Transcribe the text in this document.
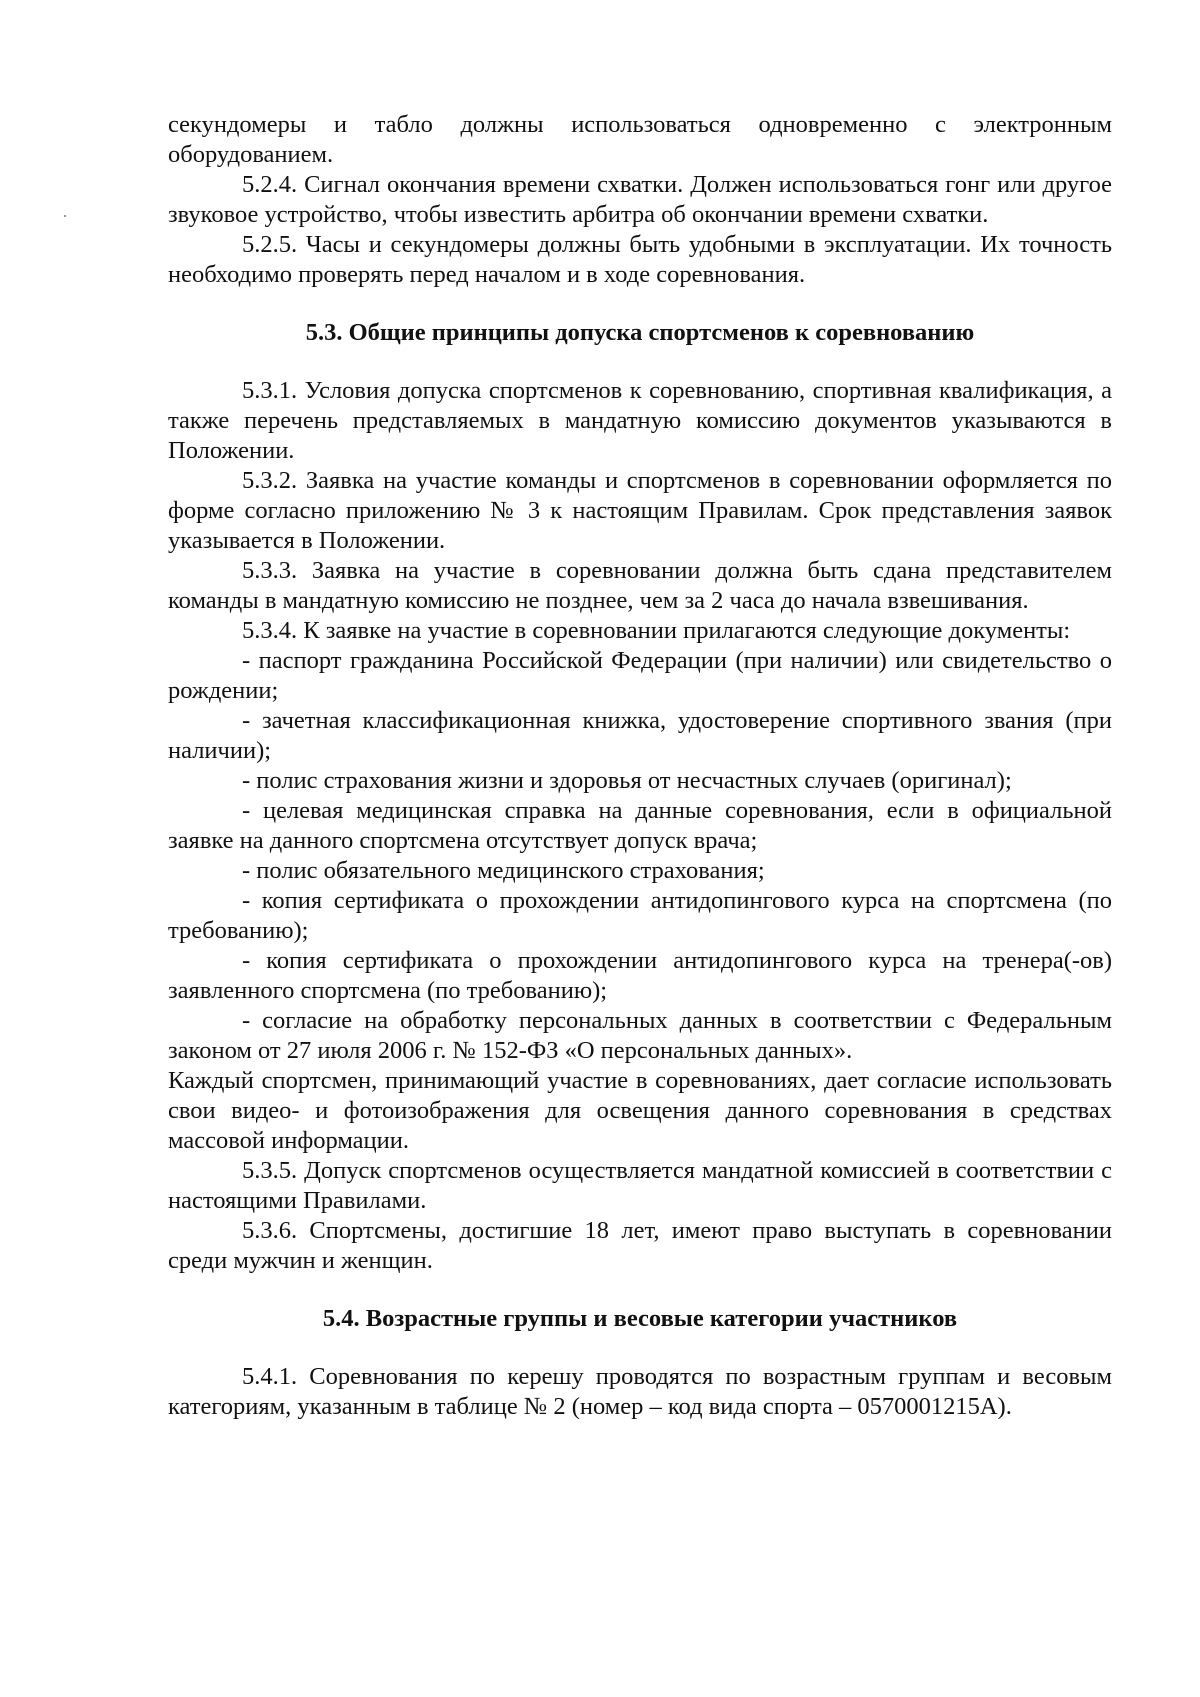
секундомеры и табло должны использоваться одновременно с электронным оборудованием.

5.2.4. Сигнал окончания времени схватки. Должен использоваться гонг или другое звуковое устройство, чтобы известить арбитра об окончании времени схватки.

5.2.5. Часы и секундомеры должны быть удобными в эксплуатации. Их точность необходимо проверять перед началом и в ходе соревнования.

5.3. Общие принципы допуска спортсменов к соревнованию

5.3.1. Условия допуска спортсменов к соревнованию, спортивная квалификация, а также перечень представляемых в мандатную комиссию документов указываются в Положении.

5.3.2. Заявка на участие команды и спортсменов в соревновании оформляется по форме согласно приложению № 3 к настоящим Правилам. Срок представления заявок указывается в Положении.

5.3.3. Заявка на участие в соревновании должна быть сдана представителем команды в мандатную комиссию не позднее, чем за 2 часа до начала взвешивания.

5.3.4. К заявке на участие в соревновании прилагаются следующие документы:

- паспорт гражданина Российской Федерации (при наличии) или свидетельство о рождении;

- зачетная классификационная книжка, удостоверение спортивного звания (при наличии);

- полис страхования жизни и здоровья от несчастных случаев (оригинал);

- целевая медицинская справка на данные соревнования, если в официальной заявке на данного спортсмена отсутствует допуск врача;

- полис обязательного медицинского страхования;

- копия сертификата о прохождении антидопингового курса на спортсмена (по требованию);

- копия сертификата о прохождении антидопингового курса на тренера(-ов) заявленного спортсмена (по требованию);

- согласие на обработку персональных данных в соответствии с Федеральным законом от 27 июля 2006 г. № 152-ФЗ «О персональных данных».

Каждый спортсмен, принимающий участие в соревнованиях, дает согласие использовать свои видео- и фотоизображения для освещения данного соревнования в средствах массовой информации.

5.3.5. Допуск спортсменов осуществляется мандатной комиссией в соответствии с настоящими Правилами.

5.3.6. Спортсмены, достигшие 18 лет, имеют право выступать в соревновании среди мужчин и женщин.

5.4. Возрастные группы и весовые категории участников

5.4.1. Соревнования по керешу проводятся по возрастным группам и весовым категориям, указанным в таблице № 2 (номер – код вида спорта – 0570001215А).
